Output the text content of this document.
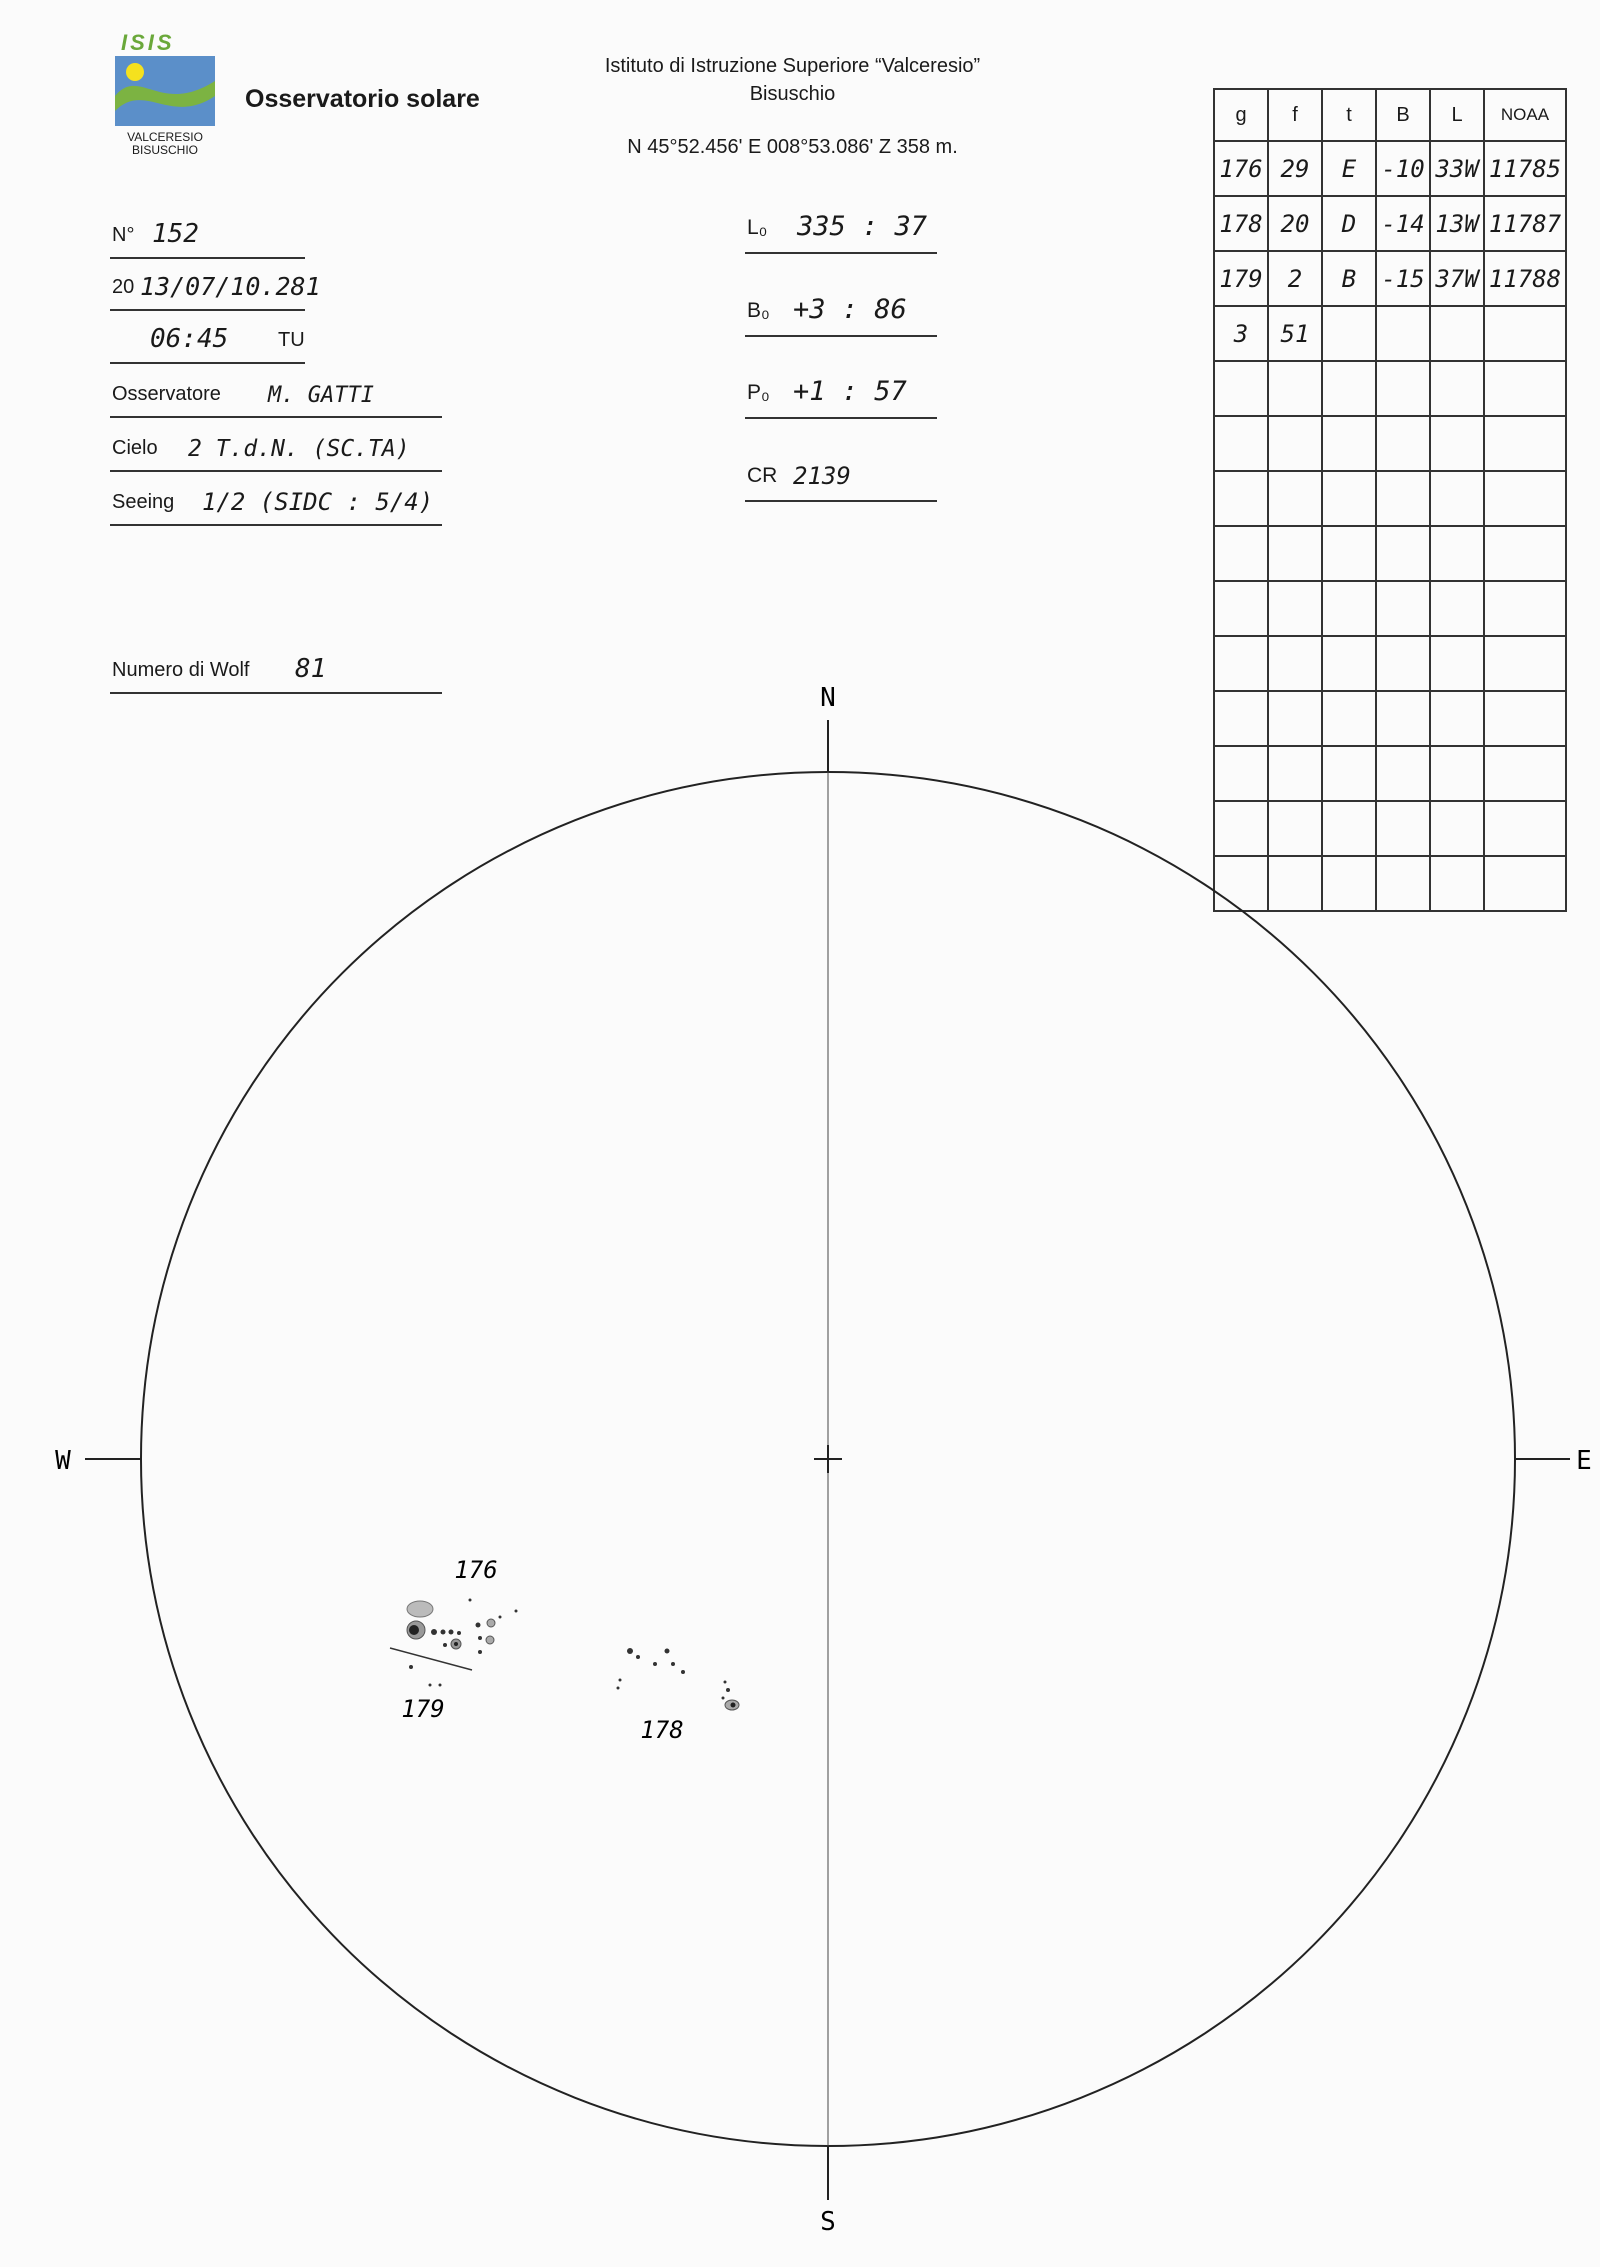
ISIS
VALCERESIO
BISUSCHIO
Osservatorio solare
Istituto di Istruzione Superiore “Valceresio”
Bisuschio
N 45°52.456' E 008°53.086' Z 358 m.
N° 152
20 13/07/10.281
06:45 TU
Osservatore M. GATTI
Cielo 2 T.d.N. (SC.TA)
Seeing 1/2 (SIDC : 5/4)
Numero di Wolf 81
L₀ 335 : 37
B₀ +3 : 86
P₀ +1 : 57
CR 2139
g	f	t	B	L	NOAA
176	29	E	-10	33W	11785
178	20	D	-14	13W	11787
179	2	B	-15	37W	11788
3	51				

N
S
E
W
176
179
178
